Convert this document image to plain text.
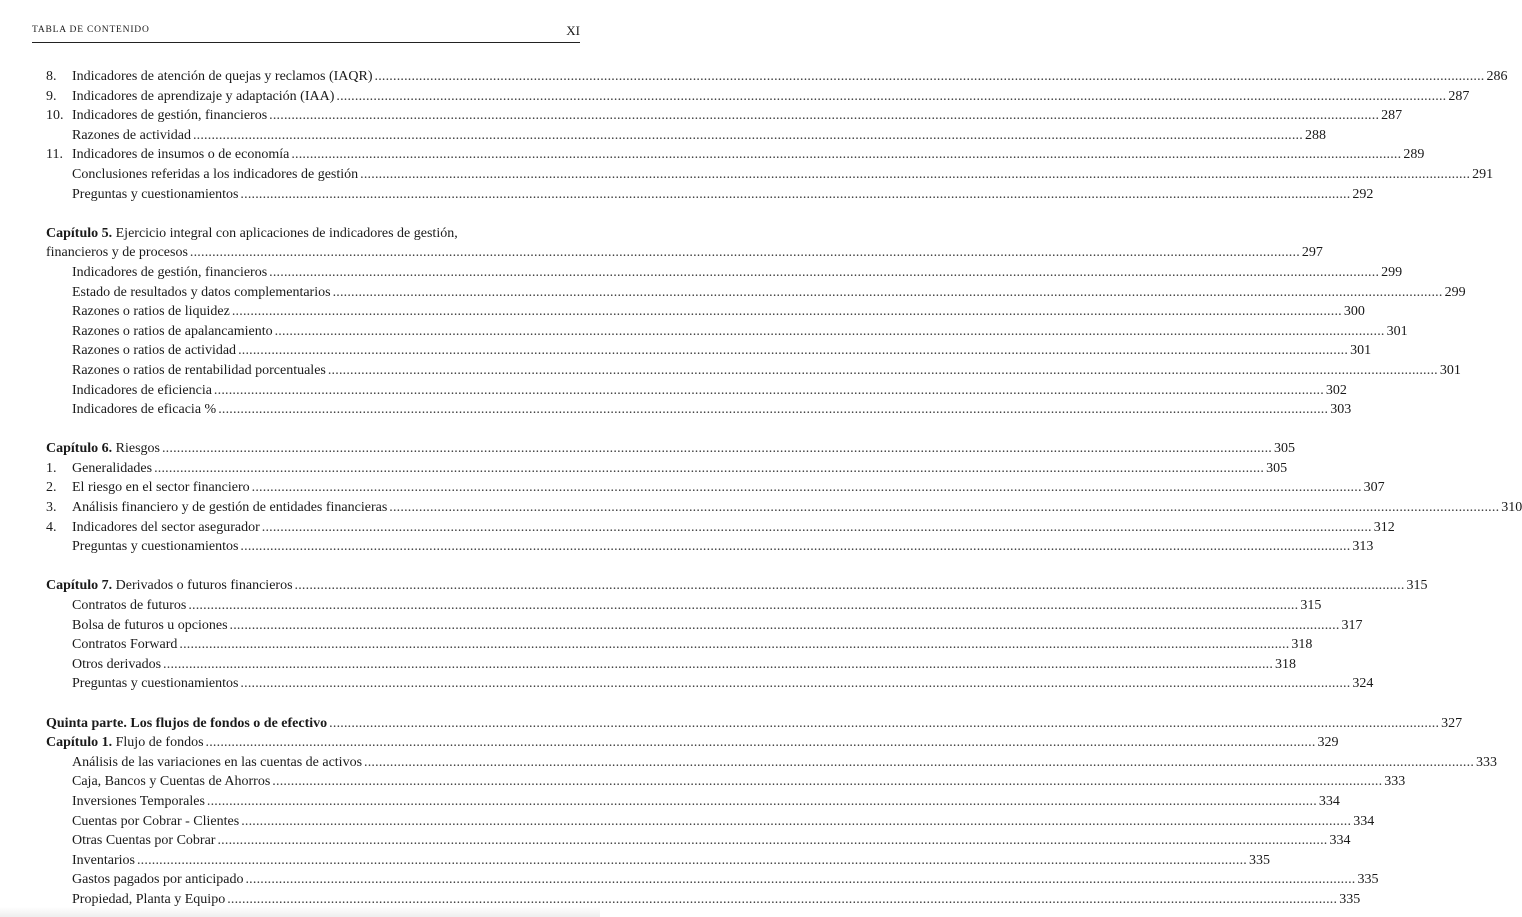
TABLA DE CONTENIDO	XI
8. Indicadores de atención de quejas y reclamos (IAQR) ............................................................................................................................................................................................................................................................................................................ 286
9. Indicadores de aprendizaje y adaptación (IAA) ............................................................................................................................................................................................................................................................................................................ 287
10. Indicadores de gestión, financieros ............................................................................................................................................................................................................................................................................................................ 287
Razones de actividad ............................................................................................................................................................................................................................................................................................................ 288
11. Indicadores de insumos o de economía ............................................................................................................................................................................................................................................................................................................ 289
Conclusiones referidas a los indicadores de gestión ............................................................................................................................................................................................................................................................................................................ 291
Preguntas y cuestionamientos ............................................................................................................................................................................................................................................................................................................ 292
Capítulo 5. Ejercicio integral con aplicaciones de indicadores de gestión,
financieros y de procesos ............................................................................................................................................................................................................................................................................................................ 297
Indicadores de gestión, financieros ............................................................................................................................................................................................................................................................................................................ 299
Estado de resultados y datos complementarios ............................................................................................................................................................................................................................................................................................................ 299
Razones o ratios de liquidez ............................................................................................................................................................................................................................................................................................................ 300
Razones o ratios de apalancamiento ............................................................................................................................................................................................................................................................................................................ 301
Razones o ratios de actividad ............................................................................................................................................................................................................................................................................................................ 301
Razones o ratios de rentabilidad porcentuales ............................................................................................................................................................................................................................................................................................................ 301
Indicadores de eficiencia ............................................................................................................................................................................................................................................................................................................ 302
Indicadores de eficacia % ............................................................................................................................................................................................................................................................................................................ 303
Capítulo 6. Riesgos ............................................................................................................................................................................................................................................................................................................ 305
1. Generalidades ............................................................................................................................................................................................................................................................................................................ 305
2. El riesgo en el sector financiero ............................................................................................................................................................................................................................................................................................................ 307
3. Análisis financiero y de gestión de entidades financieras ............................................................................................................................................................................................................................................................................................................ 310
4. Indicadores del sector asegurador ............................................................................................................................................................................................................................................................................................................ 312
Preguntas y cuestionamientos ............................................................................................................................................................................................................................................................................................................ 313
Capítulo 7. Derivados o futuros financieros ............................................................................................................................................................................................................................................................................................................ 315
Contratos de futuros ............................................................................................................................................................................................................................................................................................................ 315
Bolsa de futuros u opciones ............................................................................................................................................................................................................................................................................................................ 317
Contratos Forward ............................................................................................................................................................................................................................................................................................................ 318
Otros derivados ............................................................................................................................................................................................................................................................................................................ 318
Preguntas y cuestionamientos ............................................................................................................................................................................................................................................................................................................ 324
Quinta parte. Los flujos de fondos o de efectivo ............................................................................................................................................................................................................................................................................................................ 327
Capítulo 1. Flujo de fondos ............................................................................................................................................................................................................................................................................................................ 329
Análisis de las variaciones en las cuentas de activos ............................................................................................................................................................................................................................................................................................................ 333
Caja, Bancos y Cuentas de Ahorros ............................................................................................................................................................................................................................................................................................................ 333
Inversiones Temporales ............................................................................................................................................................................................................................................................................................................ 334
Cuentas por Cobrar - Clientes ............................................................................................................................................................................................................................................................................................................ 334
Otras Cuentas por Cobrar ............................................................................................................................................................................................................................................................................................................ 334
Inventarios ............................................................................................................................................................................................................................................................................................................ 335
Gastos pagados por anticipado ............................................................................................................................................................................................................................................................................................................ 335
Propiedad, Planta y Equipo ............................................................................................................................................................................................................................................................................................................ 335
